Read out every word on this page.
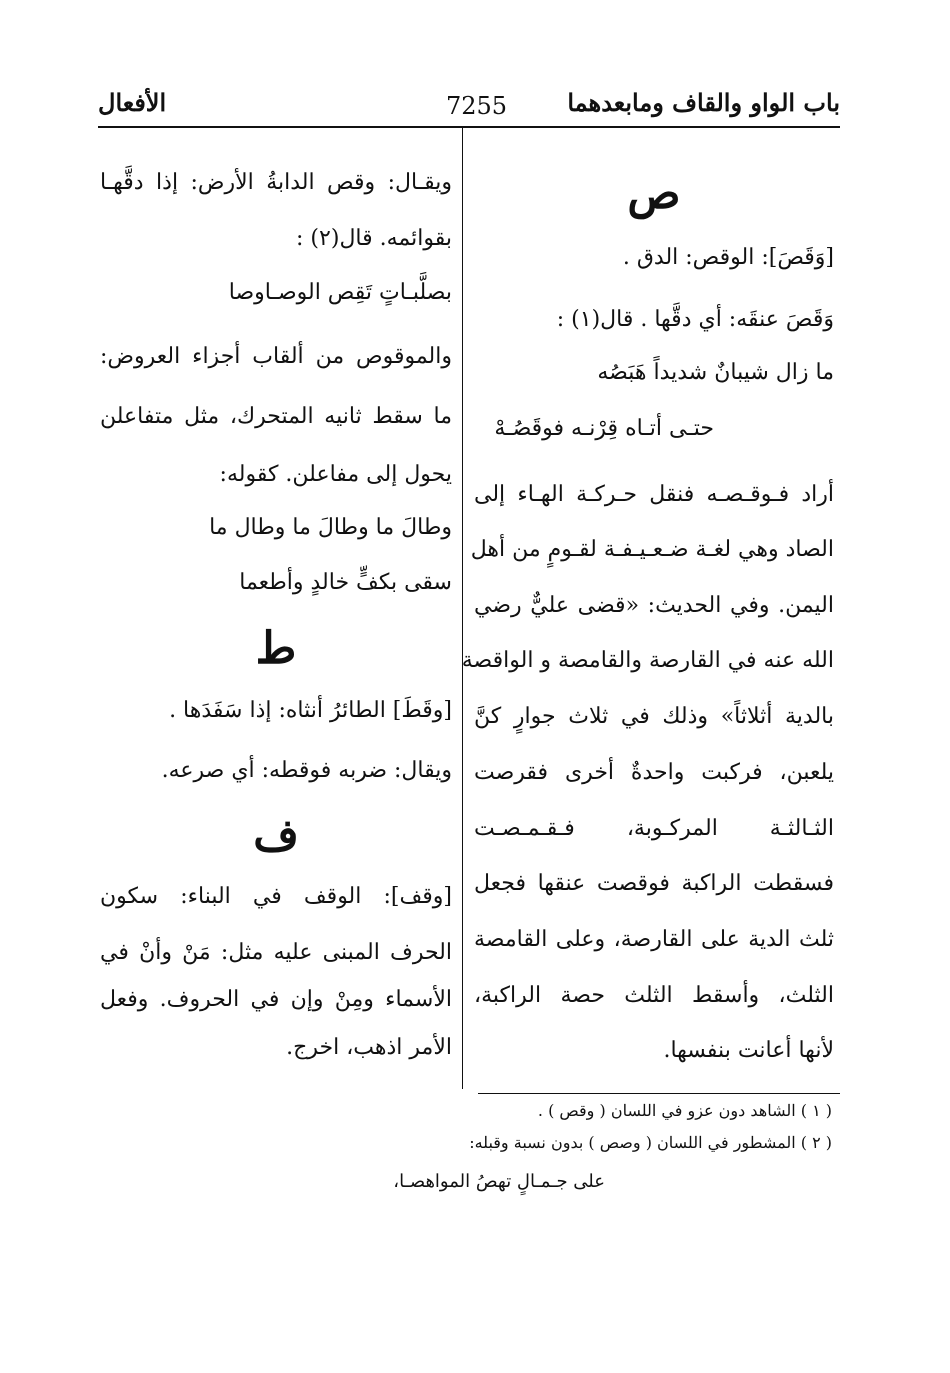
باب الواو والقاف ومابعدهما
7255
الأفعال
ص
[وَقَصَ]: الوقص: الدق .
وَقَصَ عنقَه: أي دقَّها . قال(١) :
ما زال شيبانٌ شديداً هَبَصُه
حتـى أتـاه قِرْنـه فوقَصُـهْ
أراد فـوقـصـه فنقل حـركـة الهـاء إلى
الصاد وهي لغـة ضـعـيـفـة لقـومٍ من أهل
اليمن. وفي الحديث: «قضى عليٌّ رضي
الله عنه في القارصة والقامصة و الواقصة
بالدية أثلاثاً» وذلك في ثلاث جوارٍ كنَّ
يلعبن، فركبت واحدةٌ أخرى فقرصت
الثـالثـة المركـوبة، فـقـمـصـت
فسقطت الراكبة فوقصت عنقها فجعل
ثلث الدية على القارصة، وعلى القامصة
الثلث، وأسقط الثلث حصة الراكبة،
لأنها أعانت بنفسها.
ويقـال: وقص الدابةُ الأرض: إذا دقَّهـا
بقوائمه. قال(٢) :
بصلَّبـاتٍ تَقِص الوصـاوصا
والموقوص من ألقاب أجزاء العروض:
ما سقط ثانيه المتحرك، مثل متفاعلن
يحول إلى مفاعلن. كقوله:
وطالَ ما وطالَ ما وطال ما
سقى بكفٍّ خالدٍ وأطعما
ط
[وقَطَ] الطائرُ أنثاه: إذا سَفَدَها .
ويقال: ضربه فوقطه: أي صرعه.
ف
[وقف]: الوقف في البناء: سكون
الحرف المبنى عليه مثل: مَنْ وأنْ في
الأسماء ومِنْ وإن في الحروف. وفعل
الأمر اذهب، اخرج.
( ١ ) الشاهد دون عزو في اللسان ( وقص ) .
( ٢ ) المشطور في اللسان ( وصص ) بدون نسبة وقبله:
على جـمـالٍ تهصُ المواهصـا،
